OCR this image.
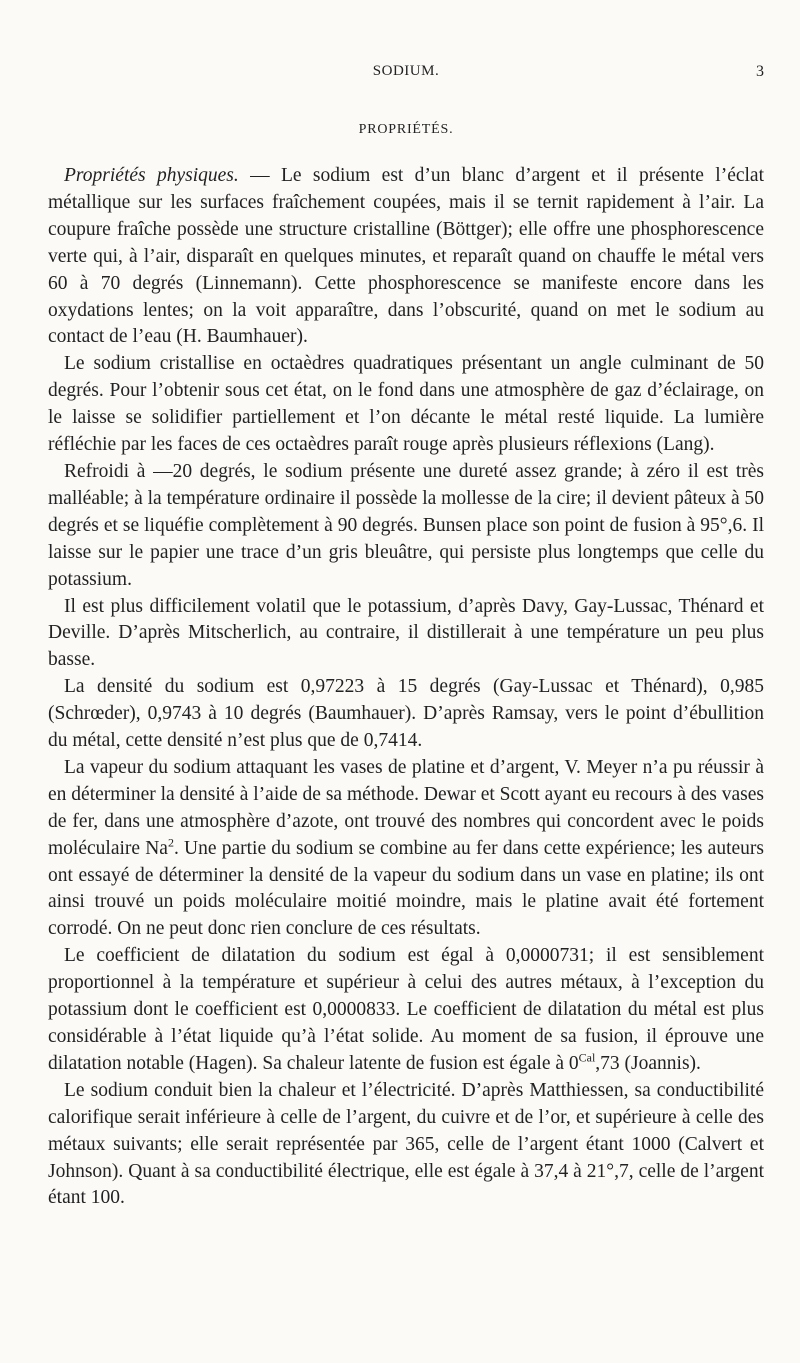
SODIUM.	3
PROPRIÉTÉS.

Propriétés physiques. — Le sodium est d’un blanc d’argent et il présente l’éclat métallique sur les surfaces fraîchement coupées, mais il se ternit rapidement à l’air. La coupure fraîche possède une structure cristalline (Böttger); elle offre une phosphorescence verte qui, à l’air, disparaît en quelques minutes, et reparaît quand on chauffe le métal vers 60 à 70 degrés (Linnemann). Cette phosphorescence se manifeste encore dans les oxydations lentes; on la voit apparaître, dans l’obscurité, quand on met le sodium au contact de l’eau (H. Baumhauer).

Le sodium cristallise en octaèdres quadratiques présentant un angle culminant de 50 degrés. Pour l’obtenir sous cet état, on le fond dans une atmosphère de gaz d’éclairage, on le laisse se solidifier partiellement et l’on décante le métal resté liquide. La lumière réfléchie par les faces de ces octaèdres paraît rouge après plusieurs réflexions (Lang).

Refroidi à —20 degrés, le sodium présente une dureté assez grande; à zéro il est très malléable; à la température ordinaire il possède la mollesse de la cire; il devient pâteux à 50 degrés et se liquéfie complètement à 90 degrés. Bunsen place son point de fusion à 95°,6. Il laisse sur le papier une trace d’un gris bleuâtre, qui persiste plus longtemps que celle du potassium.

Il est plus difficilement volatil que le potassium, d’après Davy, Gay-Lussac, Thénard et Deville. D’après Mitscherlich, au contraire, il distillerait à une température un peu plus basse.

La densité du sodium est 0,97223 à 15 degrés (Gay-Lussac et Thénard), 0,985 (Schrœder), 0,9743 à 10 degrés (Baumhauer). D’après Ramsay, vers le point d’ébullition du métal, cette densité n’est plus que de 0,7414.

La vapeur du sodium attaquant les vases de platine et d’argent, V. Meyer n’a pu réussir à en déterminer la densité à l’aide de sa méthode. Dewar et Scott ayant eu recours à des vases de fer, dans une atmosphère d’azote, ont trouvé des nombres qui concordent avec le poids moléculaire Na$^2$. Une partie du sodium se combine au fer dans cette expérience; les auteurs ont essayé de déterminer la densité de la vapeur du sodium dans un vase en platine; ils ont ainsi trouvé un poids moléculaire moitié moindre, mais le platine avait été fortement corrodé. On ne peut donc rien conclure de ces résultats.

Le coefficient de dilatation du sodium est égal à 0,0000731; il est sensiblement proportionnel à la température et supérieur à celui des autres métaux, à l’exception du potassium dont le coefficient est 0,0000833. Le coefficient de dilatation du métal est plus considérable à l’état liquide qu’à l’état solide. Au moment de sa fusion, il éprouve une dilatation notable (Hagen). Sa chaleur latente de fusion est égale à $0^{Cal},73$ (Joannis).

Le sodium conduit bien la chaleur et l’électricité. D’après Matthiessen, sa conductibilité calorifique serait inférieure à celle de l’argent, du cuivre et de l’or, et supérieure à celle des métaux suivants; elle serait représentée par 365, celle de l’argent étant 1000 (Calvert et Johnson). Quant à sa conductibilité électrique, elle est égale à 37,4 à 21°,7, celle de l’argent étant 100.
